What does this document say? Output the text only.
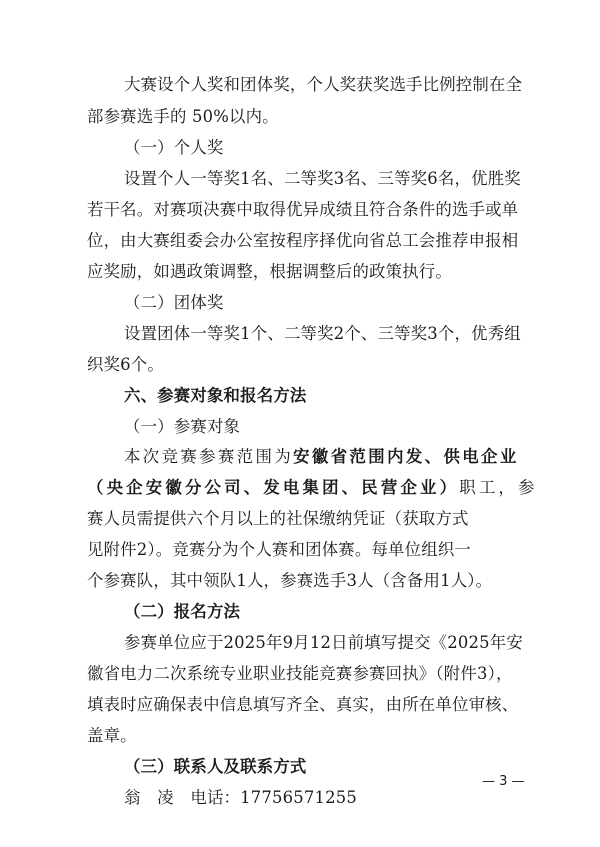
大赛设个人奖和团体奖，个人奖获奖选手比例控制在全

部参赛选手的 50%以内。

（一）个人奖

设置个人一等奖1名、二等奖3名、三等奖6名，优胜奖

若干名。对赛项决赛中取得优异成绩且符合条件的选手或单

位，由大赛组委会办公室按程序择优向省总工会推荐申报相

应奖励，如遇政策调整，根据调整后的政策执行。

（二）团体奖

设置团体一等奖1个、二等奖2个、三等奖3个，优秀组

织奖6个。

六、参赛对象和报名方法

（一）参赛对象

本次竞赛参赛范围为安徽省范围内发、供电企业

（央企安徽分公司、发电集团、民营企业）职工，参

赛人员需提供六个月以上的社保缴纳凭证（获取方式

见附件2）。竞赛分为个人赛和团体赛。每单位组织一

个参赛队，其中领队1人，参赛选手3人（含备用1人）。

（二）报名方法

参赛单位应于2025年9月12日前填写提交《2025年安

徽省电力二次系统专业职业技能竞赛参赛回执》（附件3），

填表时应确保表中信息填写齐全、真实，由所在单位审核、

盖章。

（三）联系人及联系方式

翁　凌　电话：17756571255

— 3 —
